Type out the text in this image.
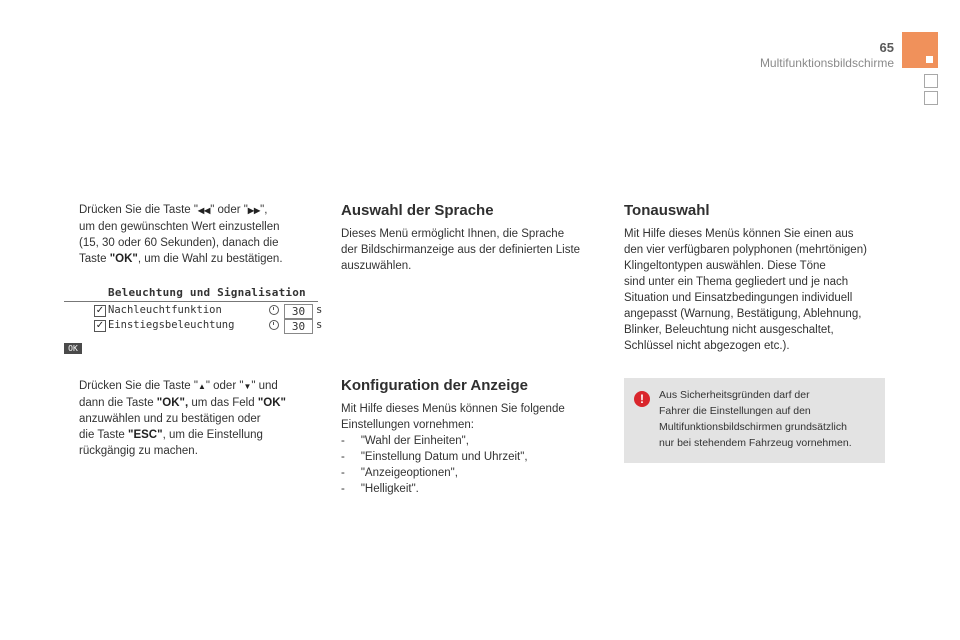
65
Multifunktionsbildschirme
Drücken Sie die Taste "◀◀" oder "▶▶",
um den gewünschten Wert einzustellen
(15, 30 oder 60 Sekunden), danach die
Taste "OK", um die Wahl zu bestätigen.
Beleuchtung und Signalisation
✓ Nachleuchtfunktion	30	s
✓ Einstiegsbeleuchtung	30	s
OK
Drücken Sie die Taste "▲" oder "▼" und
dann die Taste "OK", um das Feld "OK"
anzuwählen und zu bestätigen oder
die Taste "ESC", um die Einstellung
rückgängig zu machen.
Auswahl der Sprache
Dieses Menü ermöglicht Ihnen, die Sprache
der Bildschirmanzeige aus der definierten Liste
auszuwählen.
Konfiguration der Anzeige
Mit Hilfe dieses Menüs können Sie folgende
Einstellungen vornehmen:
- "Wahl der Einheiten",
- "Einstellung Datum und Uhrzeit",
- "Anzeigeoptionen",
- "Helligkeit".
Tonauswahl
Mit Hilfe dieses Menüs können Sie einen aus
den vier verfügbaren polyphonen (mehrtönigen)
Klingeltontypen auswählen. Diese Töne
sind unter ein Thema gegliedert und je nach
Situation und Einsatzbedingungen individuell
angepasst (Warnung, Bestätigung, Ablehnung,
Blinker, Beleuchtung nicht ausgeschaltet,
Schlüssel nicht abgezogen etc.).
!	Aus Sicherheitsgründen darf der
Fahrer die Einstellungen auf den
Multifunktionsbildschirmen grundsätzlich
nur bei stehendem Fahrzeug vornehmen.
